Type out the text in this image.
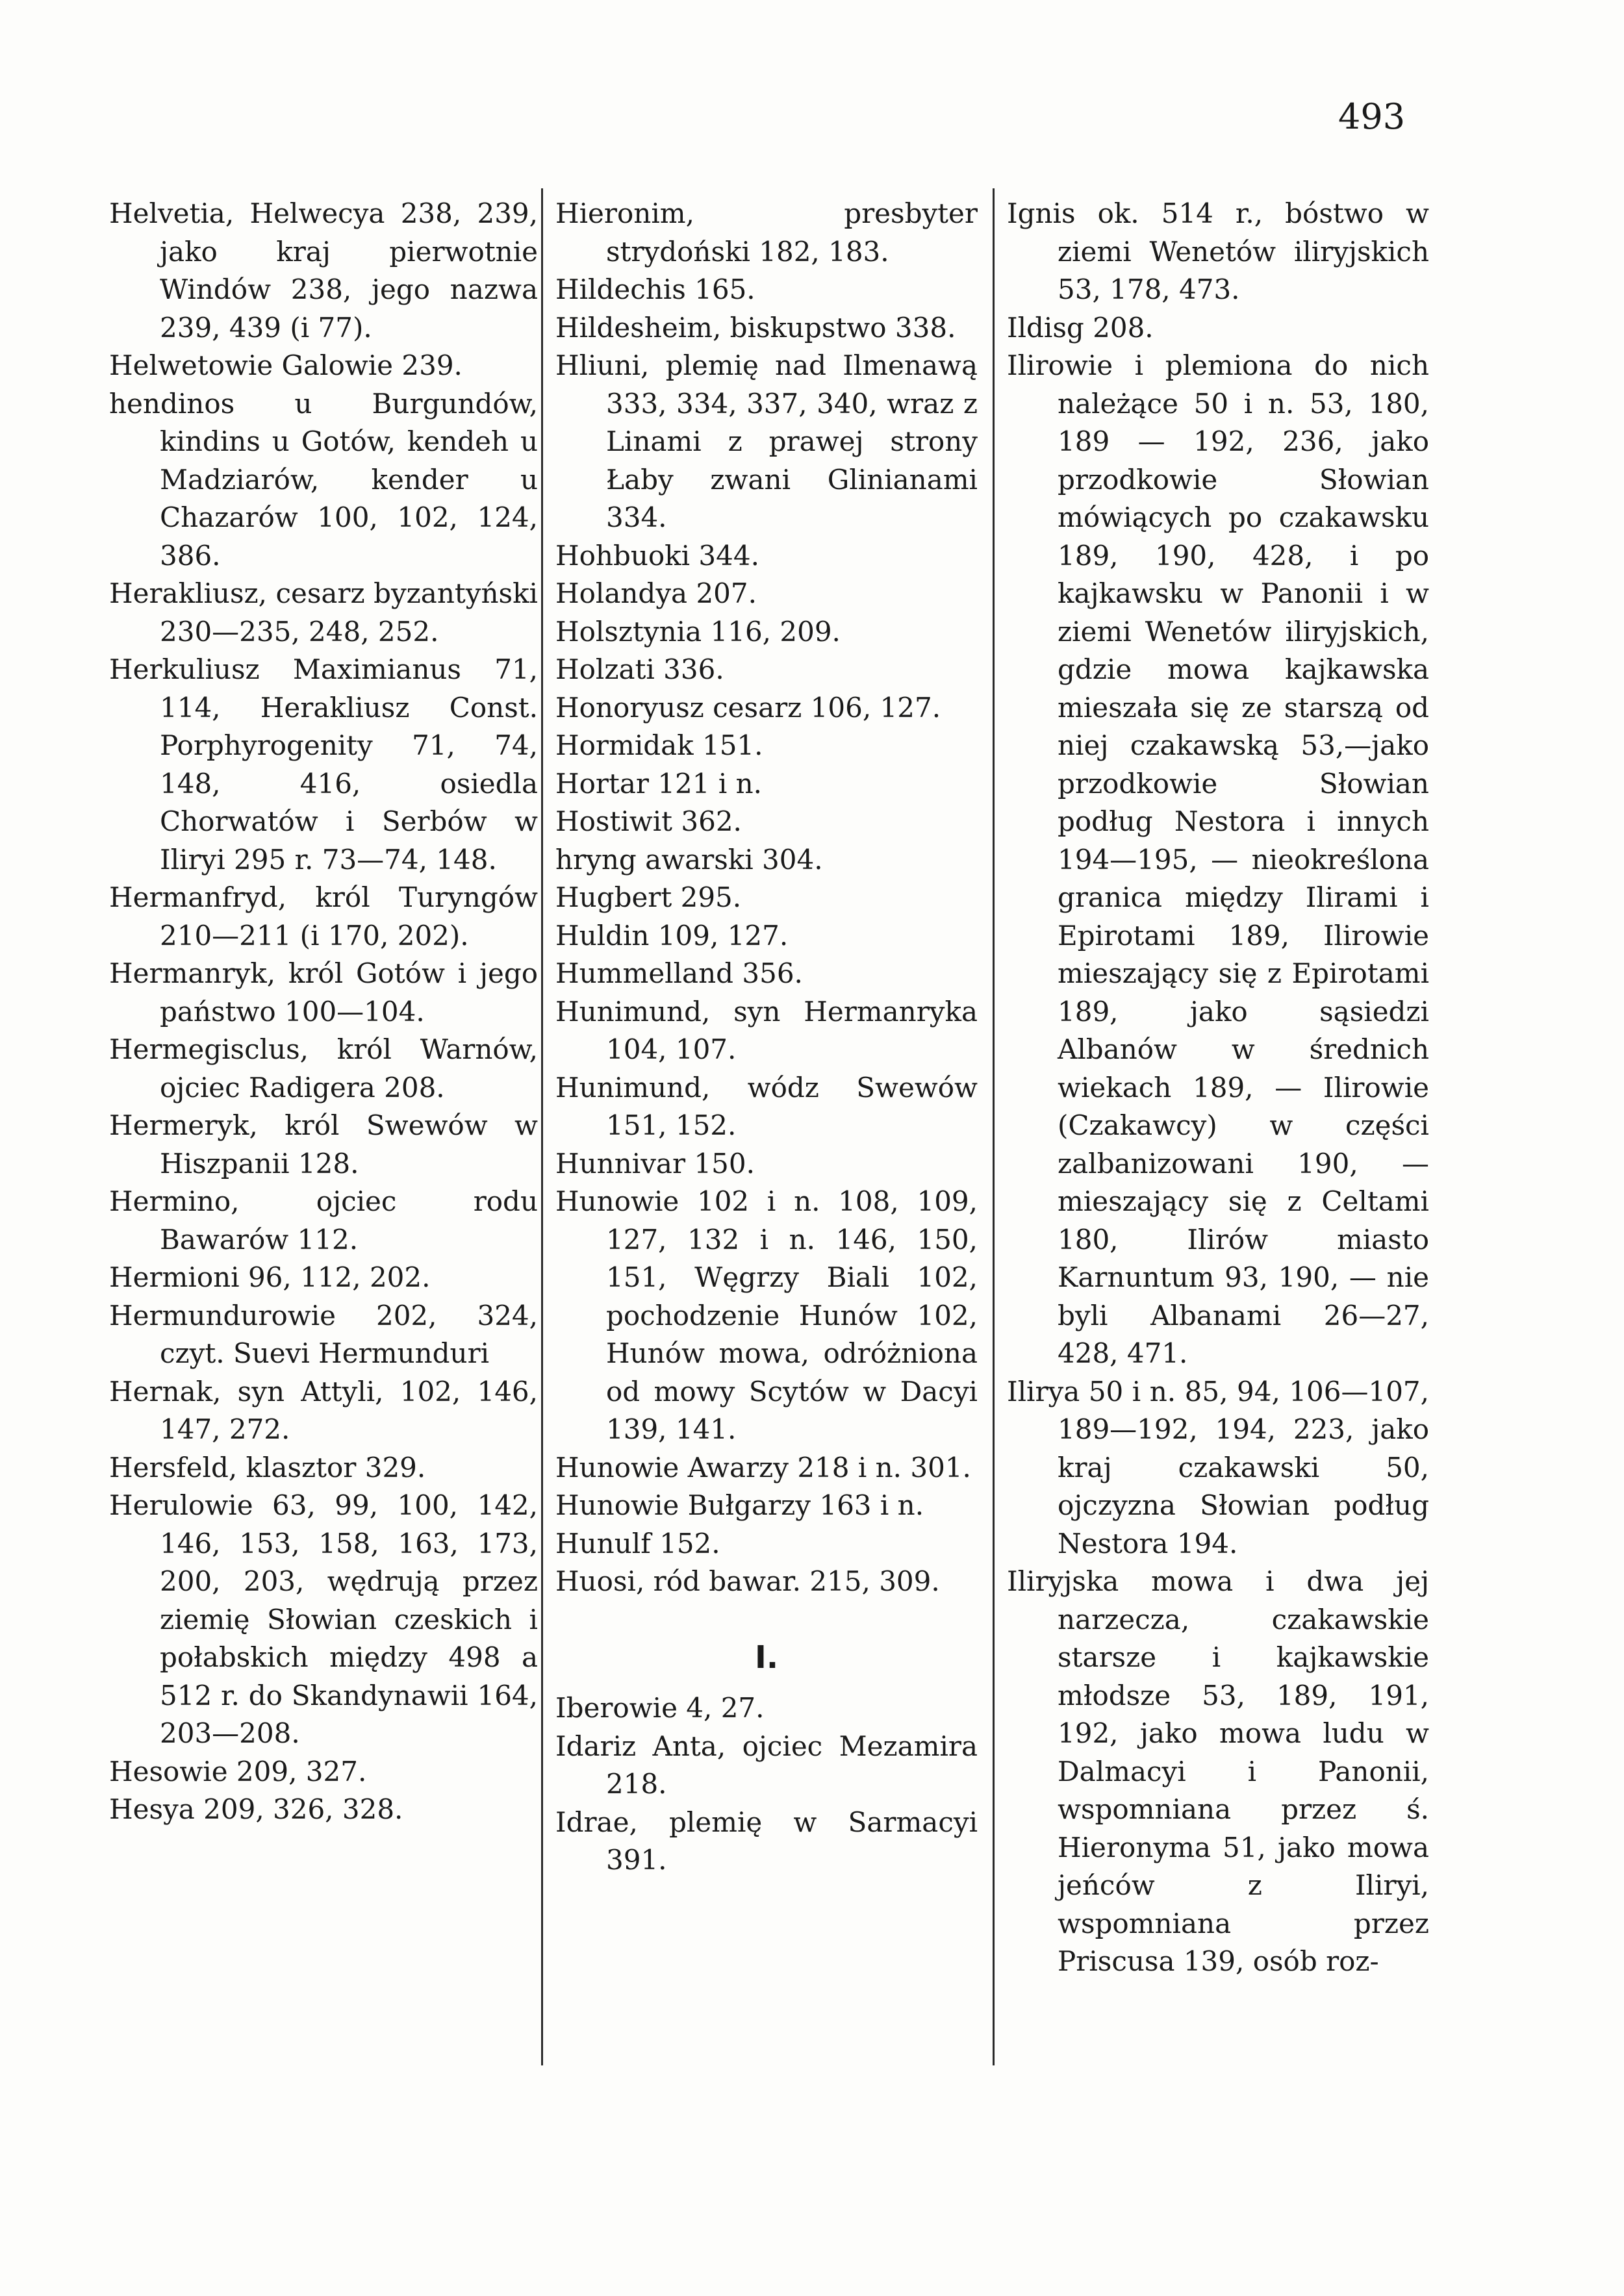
493

Helvetia, Helwecya 238, 239, jako kraj pierwotnie Windów 238, jego nazwa 239, 439 (i 77).

Helwetowie Galowie 239.

hendinos u Burgundów, kindins u Gotów, kendeh u Madziarów, kender u Chazarów 100, 102, 124, 386.

Herakliusz, cesarz byzantyński 230—235, 248, 252.

Herkuliusz Maximianus 71, 114, Herakliusz Const. Porphyrogenity 71, 74, 148, 416, osiedla Chorwatów i Serbów w Iliryi 295 r. 73—74, 148.

Hermanfryd, król Turyngów 210—211 (i 170, 202).

Hermanryk, król Gotów i jego państwo 100—104.

Hermegisclus, król Warnów, ojciec Radigera 208.

Hermeryk, król Swewów w Hiszpanii 128.

Hermino, ojciec rodu Bawarów 112.

Hermioni 96, 112, 202.

Hermundurowie 202, 324, czyt. Suevi Hermunduri

Hernak, syn Attyli, 102, 146, 147, 272.

Hersfeld, klasztor 329.

Herulowie 63, 99, 100, 142, 146, 153, 158, 163, 173, 200, 203, wędrują przez ziemię Słowian czeskich i połabskich między 498 a 512 r. do Skandynawii 164, 203—208.

Hesowie 209, 327.

Hesya 209, 326, 328.

Hieronim, presbyter strydoński 182, 183.

Hildechis 165.

Hildesheim, biskupstwo 338.

Hliuni, plemię nad Ilmenawą 333, 334, 337, 340, wraz z Linami z prawej strony Łaby zwani Glinianami 334.

Hohbuoki 344.

Holandya 207.

Holsztynia 116, 209.

Holzati 336.

Honoryusz cesarz 106, 127.

Hormidak 151.

Hortar 121 i n.

Hostiwit 362.

hryng awarski 304.

Hugbert 295.

Huldin 109, 127.

Hummelland 356.

Hunimund, syn Hermanryka 104, 107.

Hunimund, wódz Swewów 151, 152.

Hunnivar 150.

Hunowie 102 i n. 108, 109, 127, 132 i n. 146, 150, 151, Węgrzy Biali 102, pochodzenie Hunów 102, Hunów mowa, odróżniona od mowy Scytów w Dacyi 139, 141.

Hunowie Awarzy 218 i n. 301.

Hunowie Bułgarzy 163 i n.

Hunulf 152.

Huosi, ród bawar. 215, 309.

I.

Iberowie 4, 27.

Idariz Anta, ojciec Mezamira 218.

Idrae, plemię w Sarmacyi 391.

Ignis ok. 514 r., bóstwo w ziemi Wenetów iliryjskich 53, 178, 473.

Ildisg 208.

Ilirowie i plemiona do nich należące 50 i n. 53, 180, 189 — 192, 236, jako przodkowie Słowian mówiących po czakawsku 189, 190, 428, i po kajkawsku w Panonii i w ziemi Wenetów iliryjskich, gdzie mowa kajkawska mieszała się ze starszą od niej czakawską 53,—jako przodkowie Słowian podług Nestora i innych 194—195, — nieokreślona granica między Ilirami i Epirotami 189, Ilirowie mieszający się z Epirotami 189, jako sąsiedzi Albanów w średnich wiekach 189, — Ilirowie (Czakawcy) w części zalbanizowani 190, — mieszający się z Celtami 180, Ilirów miasto Karnuntum 93, 190, — nie byli Albanami 26—27, 428, 471.

Ilirya 50 i n. 85, 94, 106—107, 189—192, 194, 223, jako kraj czakawski 50, ojczyzna Słowian podług Nestora 194.

Iliryjska mowa i dwa jej narzecza, czakawskie starsze i kajkawskie młodsze 53, 189, 191, 192, jako mowa ludu w Dalmacyi i Panonii, wspomniana przez ś. Hieronyma 51, jako mowa jeńców z Iliryi, wspomniana przez Priscusa 139, osób roz-
